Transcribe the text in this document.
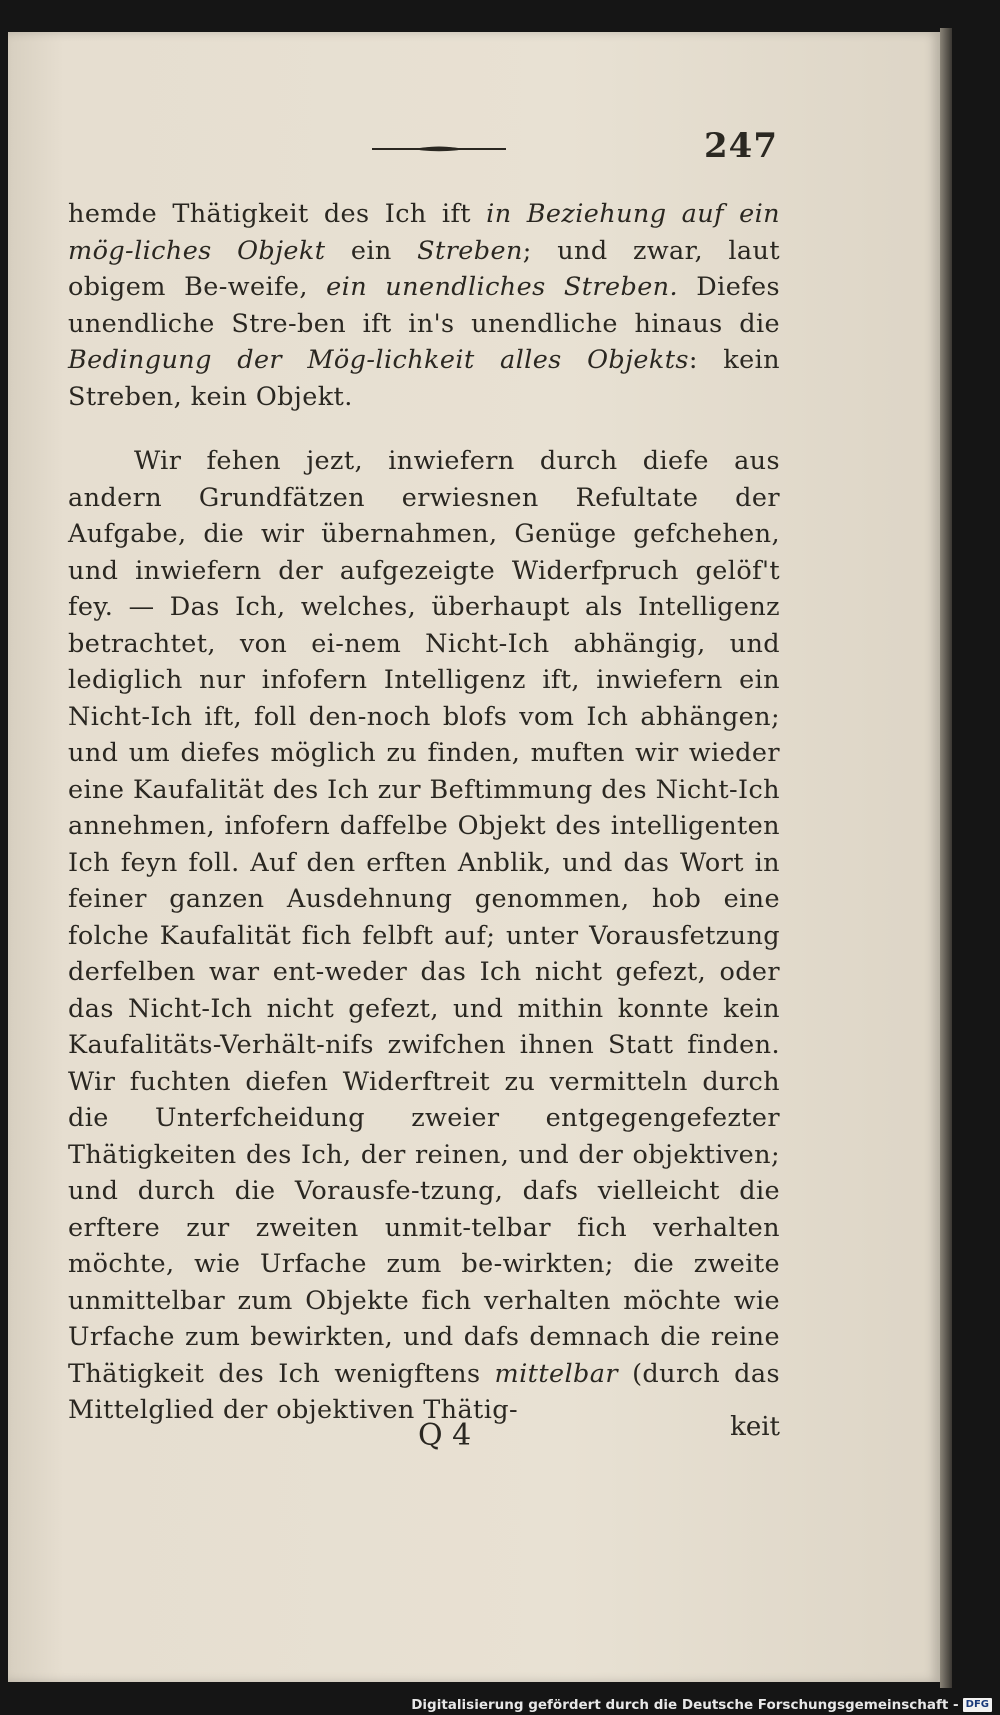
247

hemde Thätigkeit des Ich ift in Beziehung auf ein mög-liches Objekt ein Streben; und zwar, laut obigem Be-weife, ein unendliches Streben. Diefes unendliche Stre-ben ift in's unendliche hinaus die Bedingung der Mög-lichkeit alles Objekts: kein Streben, kein Objekt.

Wir fehen jezt, inwiefern durch diefe aus andern Grundfätzen erwiesnen Refultate der Aufgabe, die wir übernahmen, Genüge gefchehen, und inwiefern der aufgezeigte Widerfpruch gelöf't fey. — Das Ich, welches, überhaupt als Intelligenz betrachtet, von ei-nem Nicht-Ich abhängig, und lediglich nur infofern Intelligenz ift, inwiefern ein Nicht-Ich ift, foll den-noch blofs vom Ich abhängen; und um diefes möglich zu finden, muften wir wieder eine Kaufalität des Ich zur Beftimmung des Nicht-Ich annehmen, infofern daffelbe Objekt des intelligenten Ich feyn foll. Auf den erften Anblik, und das Wort in feiner ganzen Ausdehnung genommen, hob eine folche Kaufalität fich felbft auf; unter Vorausfetzung derfelben war ent-weder das Ich nicht gefezt, oder das Nicht-Ich nicht gefezt, und mithin konnte kein Kaufalitäts-Verhält-nifs zwifchen ihnen Statt finden. Wir fuchten diefen Widerftreit zu vermitteln durch die Unterfcheidung zweier entgegengefezter Thätigkeiten des Ich, der reinen, und der objektiven; und durch die Vorausfe-tzung, dafs vielleicht die erftere zur zweiten unmit-telbar fich verhalten möchte, wie Urfache zum be-wirkten; die zweite unmittelbar zum Objekte fich verhalten möchte wie Urfache zum bewirkten, und dafs demnach die reine Thätigkeit des Ich wenigftens mittelbar (durch das Mittelglied der objektiven Thätig-

Q 4	keit
Digitalisierung gefördert durch die Deutsche Forschungsgemeinschaft - DFG
